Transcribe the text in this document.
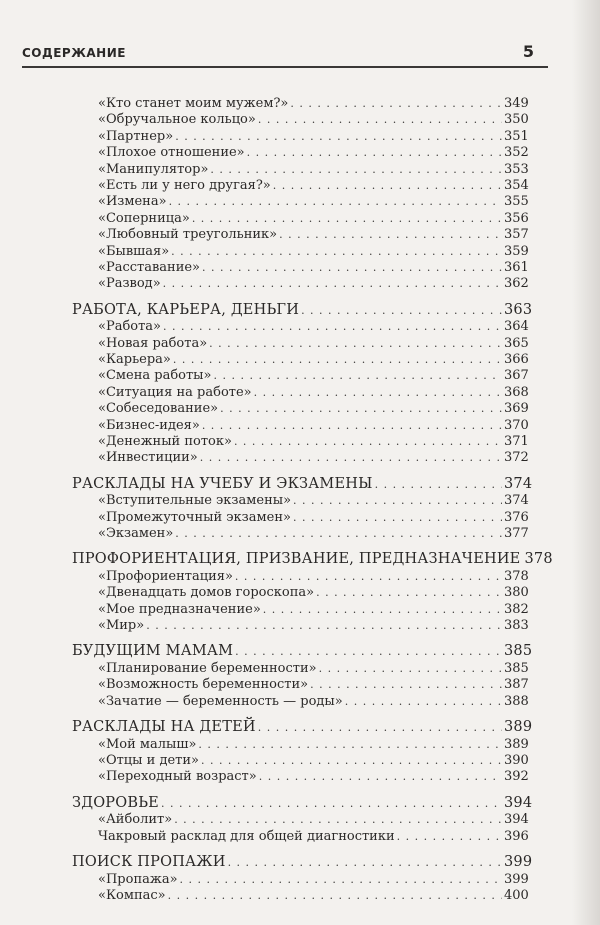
СОДЕРЖАНИЕ	5
«Кто станет моим мужем?» . . .	349
«Обручальное кольцо» . . .	350
«Партнер» . . .	351
«Плохое отношение» . . .	352
«Манипулятор» . . .	353
«Есть ли у него другая?» . . .	354
«Измена» . . .	355
«Соперница» . . .	356
«Любовный треугольник» . . .	357
«Бывшая» . . .	359
«Расставание» . . .	361
«Развод» . . .	362
РАБОТА, КАРЬЕРА, ДЕНЬГИ . . .	363
«Работа» . . .	364
«Новая работа» . . .	365
«Карьера» . . .	366
«Смена работы» . . .	367
«Ситуация на работе» . . .	368
«Собеседование» . . .	369
«Бизнес-идея» . . .	370
«Денежный поток» . . .	371
«Инвестиции» . . .	372
РАСКЛАДЫ НА УЧЕБУ И ЭКЗАМЕНЫ . . .	374
«Вступительные экзамены» . . .	374
«Промежуточный экзамен» . . .	376
«Экзамен» . . .	377
ПРОФОРИЕНТАЦИЯ, ПРИЗВАНИЕ, ПРЕДНАЗНАЧЕНИЕ 378
«Профориентация» . . .	378
«Двенадцать домов гороскопа» . . .	380
«Мое предназначение» . . .	382
«Мир» . . .	383
БУДУЩИМ МАМАМ . . .	385
«Планирование беременности» . . .	385
«Возможность беременности» . . .	387
«Зачатие — беременность — роды» . . .	388
РАСКЛАДЫ НА ДЕТЕЙ . . .	389
«Мой малыш» . . .	389
«Отцы и дети» . . .	390
«Переходный возраст» . . .	392
ЗДОРОВЬЕ . . .	394
«Айболит» . . .	394
Чакровый расклад для общей диагностики . . .	396
ПОИСК ПРОПАЖИ . . .	399
«Пропажа» . . .	399
«Компас» . . .	400
